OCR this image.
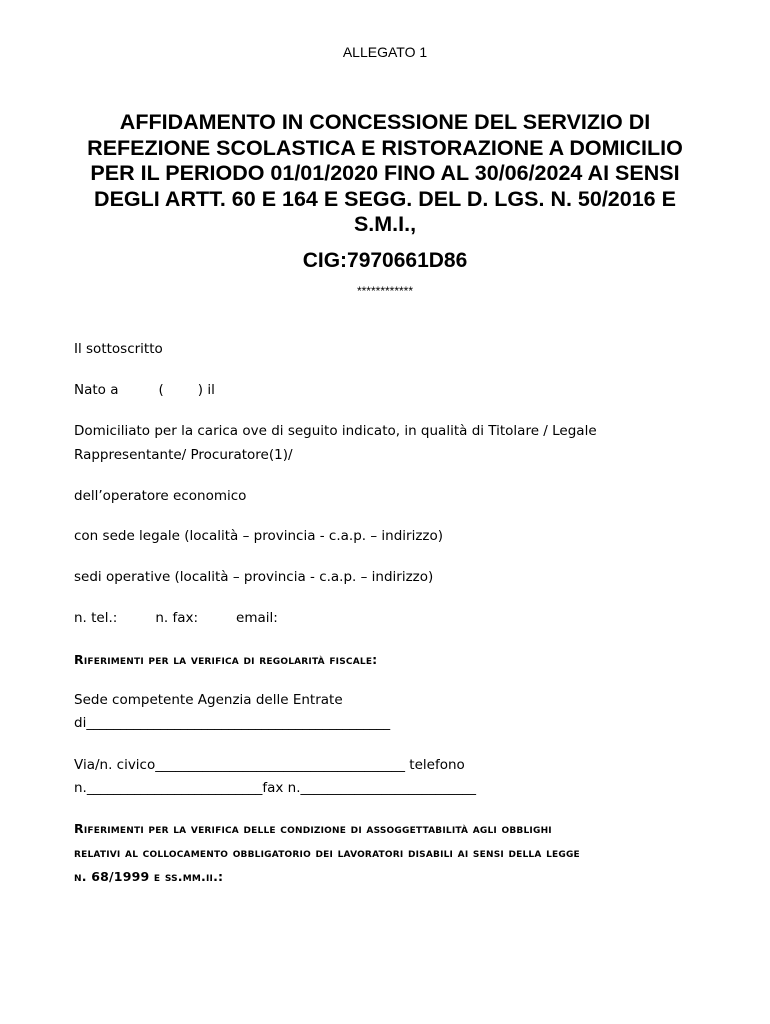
ALLEGATO 1
AFFIDAMENTO IN CONCESSIONE DEL SERVIZIO DI REFEZIONE SCOLASTICA E RISTORAZIONE A DOMICILIO PER IL PERIODO 01/01/2020 FINO AL 30/06/2024 AI SENSI DEGLI ARTT. 60 E 164 E SEGG. DEL D. LGS. N. 50/2016 E S.M.I.,
CIG:7970661D86
************
Il sottoscritto
Nato a	(	) il
Domiciliato per la carica ove di seguito indicato, in qualità di Titolare / Legale
Rappresentante/ Procuratore(1)/
dell’operatore economico
con sede legale (località – provincia - c.a.p. – indirizzo)
sedi operative (località – provincia - c.a.p. – indirizzo)
n. tel.:	n. fax:	email:
Riferimenti per la verifica di regolarità fiscale:
Sede competente Agenzia delle Entrate
di_____________________________________________
Via/n. civico_____________________________________ telefono
n.__________________________fax n.__________________________
Riferimenti per la verifica delle condizione di assoggettabilità agli obblighi
relativi al collocamento obbligatorio dei lavoratori disabili ai sensi della legge
n. 68/1999 e ss.mm.ii.:
